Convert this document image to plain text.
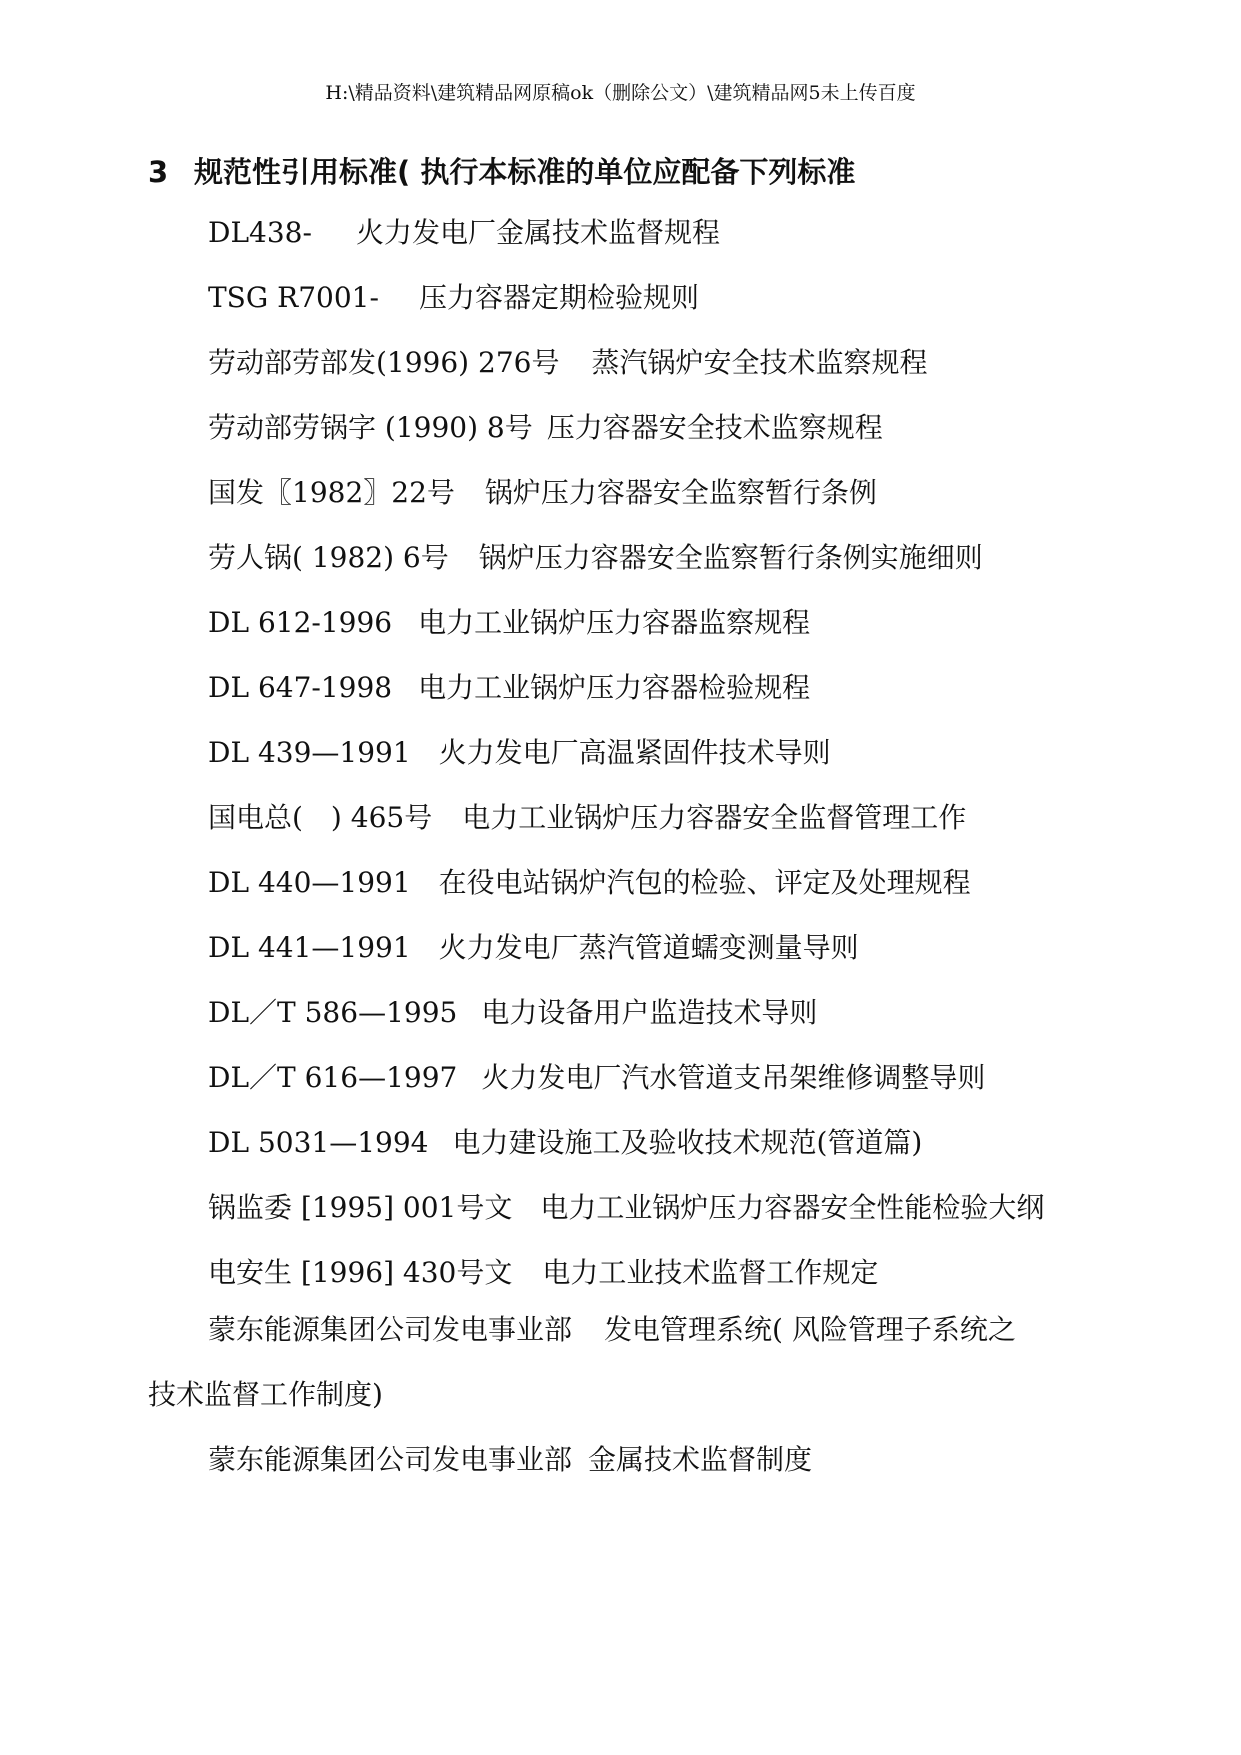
H:\精品资料\建筑精品网原稿ok（删除公文）\建筑精品网5未上传百度
3 规范性引用标准( 执行本标准的单位应配备下列标准
DL438- 火力发电厂金属技术监督规程
TSG R7001- 压力容器定期检验规则
劳动部劳部发(1996) 276号 蒸汽锅炉安全技术监察规程
劳动部劳锅字 (1990) 8号 压力容器安全技术监察规程
国发〖1982〗22号 锅炉压力容器安全监察暂行条例
劳人锅( 1982) 6号 锅炉压力容器安全监察暂行条例实施细则
DL 612-1996 电力工业锅炉压力容器监察规程
DL 647-1998 电力工业锅炉压力容器检验规程
DL 439—1991 火力发电厂高温紧固件技术导则
国电总(　) 465号 电力工业锅炉压力容器安全监督管理工作
DL 440—1991 在役电站锅炉汽包的检验、评定及处理规程
DL 441—1991 火力发电厂蒸汽管道蠕变测量导则
DL／T 586—1995 电力设备用户监造技术导则
DL／T 616—1997 火力发电厂汽水管道支吊架维修调整导则
DL 5031—1994 电力建设施工及验收技术规范(管道篇)
锅监委 [1995] 001号文 电力工业锅炉压力容器安全性能检验大纲
电安生 [1996] 430号文 电力工业技术监督工作规定
蒙东能源集团公司发电事业部 发电管理系统( 风险管理子系统之
技术监督工作制度)
蒙东能源集团公司发电事业部 金属技术监督制度
